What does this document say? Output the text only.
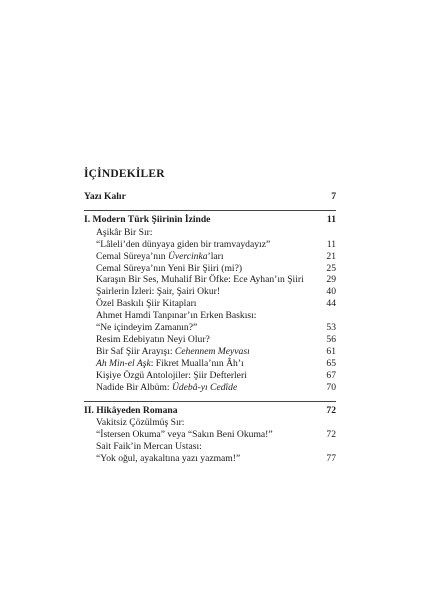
İÇİNDEKİLER
Yazı Kalır	7
I. Modern Türk Şiirinin İzinde	11
Aşikâr Bir Sır:
“Lâleli’den dünyaya giden bir tramvaydayız”	11
Cemal Süreya’nın Üvercinka’ları	21
Cemal Süreya’nın Yeni Bir Şiiri (mi?)	25
Karaşın Bir Ses, Muhalif Bir Öfke: Ece Ayhan’ın Şiiri	29
Şairlerin İzleri: Şair, Şairi Okur!	40
Özel Baskılı Şiir Kitapları	44
Ahmet Hamdi Tanpınar’ın Erken Baskısı:
“Ne içindeyim Zamanın?”	53
Resim Edebiyatın Neyi Olur?	56
Bir Saf Şiir Arayışı: Cehennem Meyvası	61
Ah Min-el Aşk: Fikret Mualla’nın Âh’ı	65
Kişiye Özgü Antolojiler: Şiir Defterleri	67
Nadide Bir Albüm: Üdebâ-yı Cedîde	70
II. Hikâyeden Romana	72
Vakitsiz Çözülmüş Sır:
“İstersen Okuma” veya “Sakın Beni Okuma!”	72
Sait Faik’in Mercan Ustası:
“Yok oğul, ayakaltına yazı yazmam!”	77
